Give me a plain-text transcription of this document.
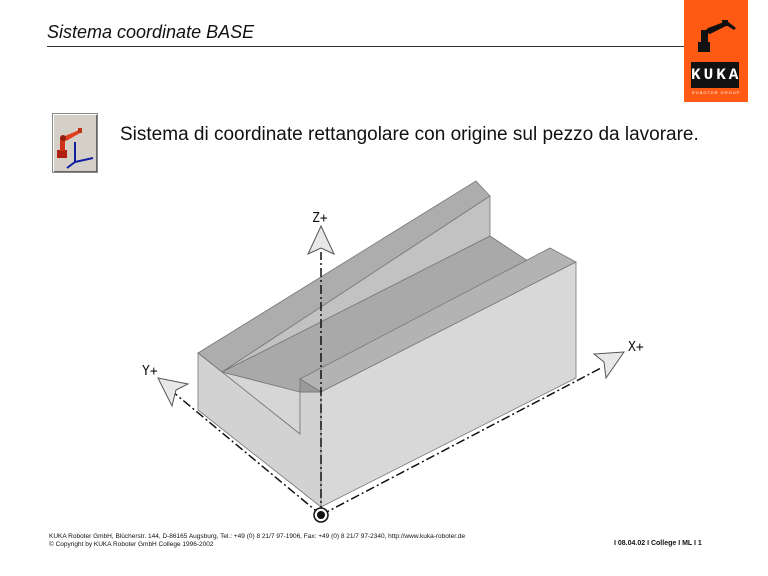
Sistema coordinate BASE
KUKA
ROBOTER GROUP
Sistema di coordinate rettangolare con origine sul pezzo da lavorare.
Z+
X+
Y+
KUKA Roboter GmbH, Blücherstr. 144, D-86165 Augsburg, Tel.: +49 (0) 8 21/7 97-1906, Fax: +49 (0) 8 21/7 97-2340, http://www.kuka-roboter.de
© Copyright by KUKA Roboter GmbH College 1996-2002	I 08.04.02 I College I ML I 1
